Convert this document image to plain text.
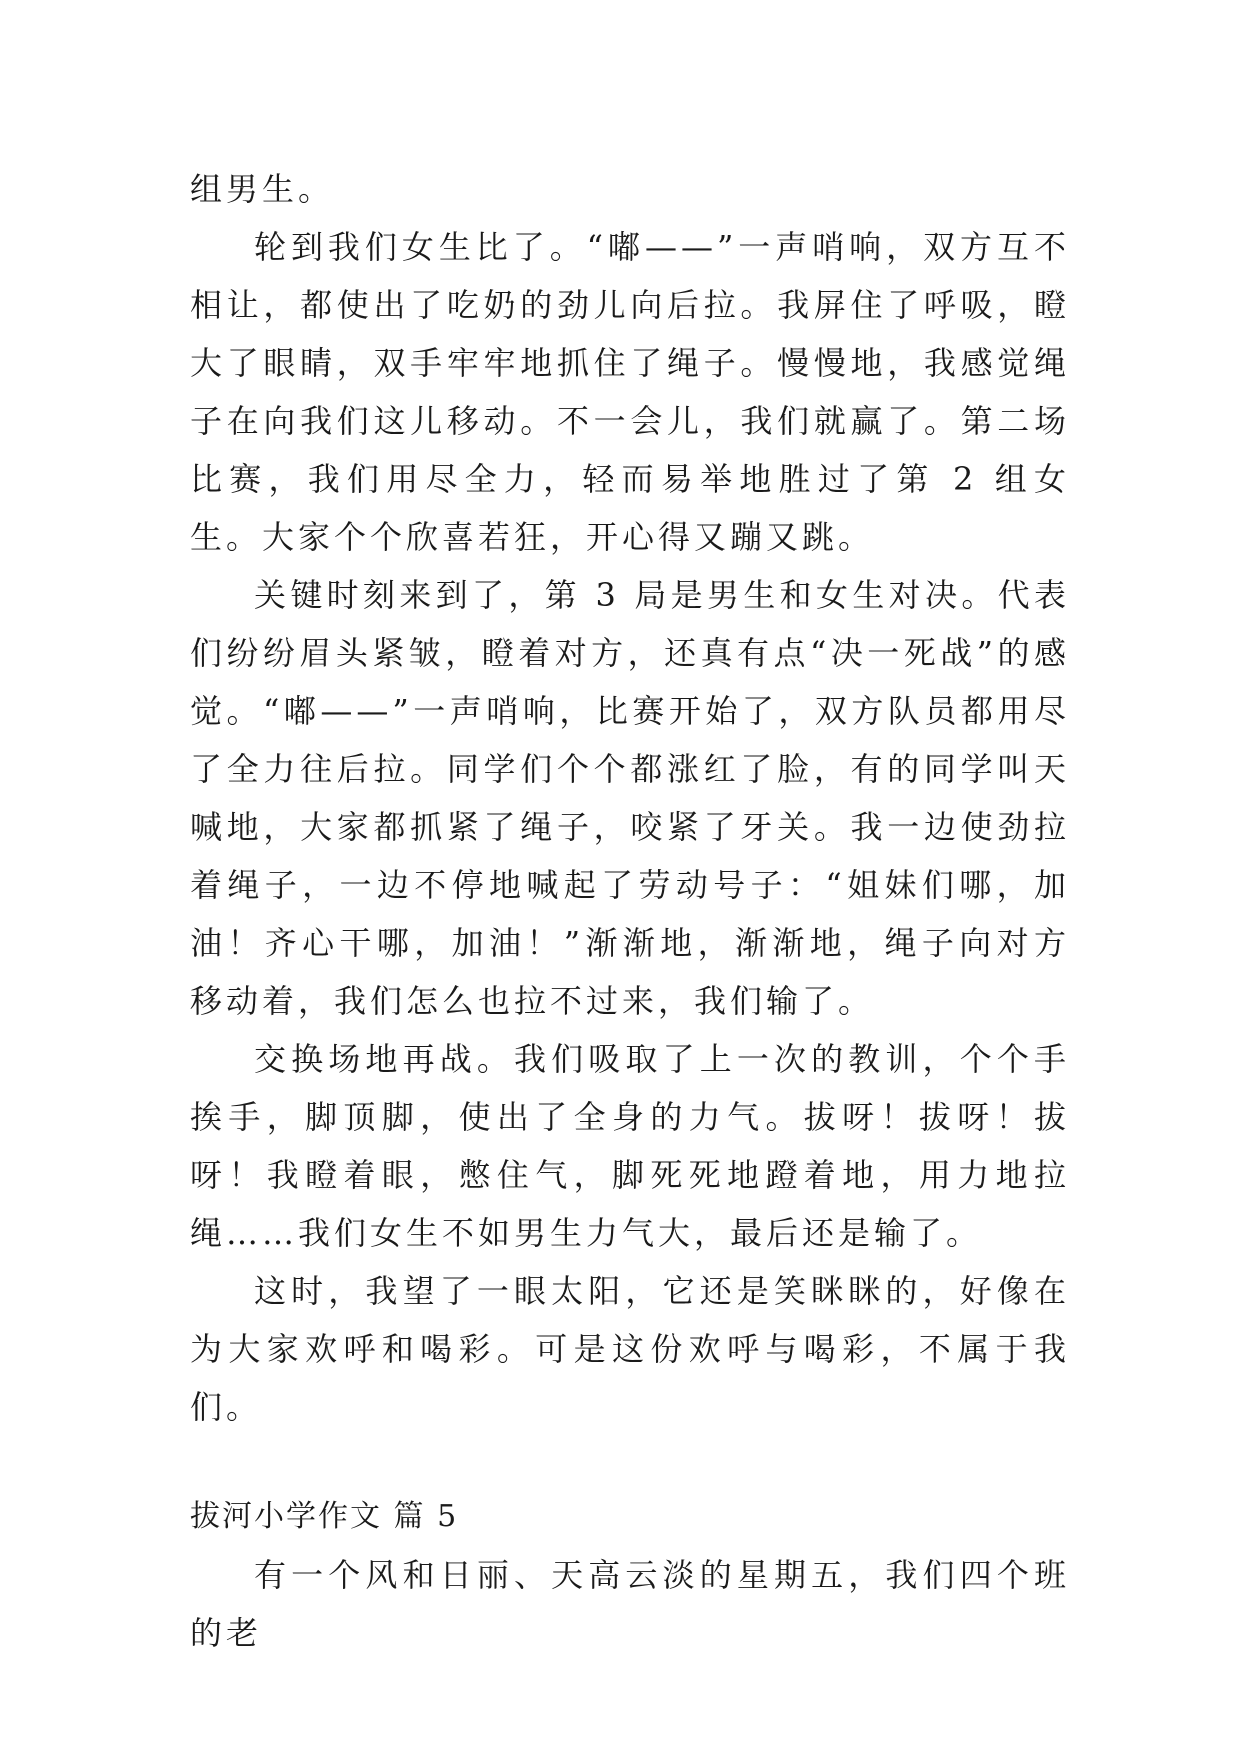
组男生。

轮到我们女生比了。“嘟——”一声哨响，双方互不相让，都使出了吃奶的劲儿向后拉。我屏住了呼吸，瞪大了眼睛，双手牢牢地抓住了绳子。慢慢地，我感觉绳子在向我们这儿移动。不一会儿，我们就赢了。第二场比赛，我们用尽全力，轻而易举地胜过了第 2 组女生。大家个个欣喜若狂，开心得又蹦又跳。

关键时刻来到了，第 3 局是男生和女生对决。代表们纷纷眉头紧皱，瞪着对方，还真有点“决一死战”的感觉。“嘟——”一声哨响，比赛开始了，双方队员都用尽了全力往后拉。同学们个个都涨红了脸，有的同学叫天喊地，大家都抓紧了绳子，咬紧了牙关。我一边使劲拉着绳子，一边不停地喊起了劳动号子：“姐妹们哪，加油！齐心干哪，加油！”渐渐地，渐渐地，绳子向对方移动着，我们怎么也拉不过来，我们输了。

交换场地再战。我们吸取了上一次的教训，个个手挨手，脚顶脚，使出了全身的力气。拔呀！拔呀！拔呀！我瞪着眼，憋住气，脚死死地蹬着地，用力地拉绳……我们女生不如男生力气大，最后还是输了。

这时，我望了一眼太阳，它还是笑眯眯的，好像在为大家欢呼和喝彩。可是这份欢呼与喝彩，不属于我们。

拔河小学作文 篇 5

有一个风和日丽、天高云淡的星期五，我们四个班的老
